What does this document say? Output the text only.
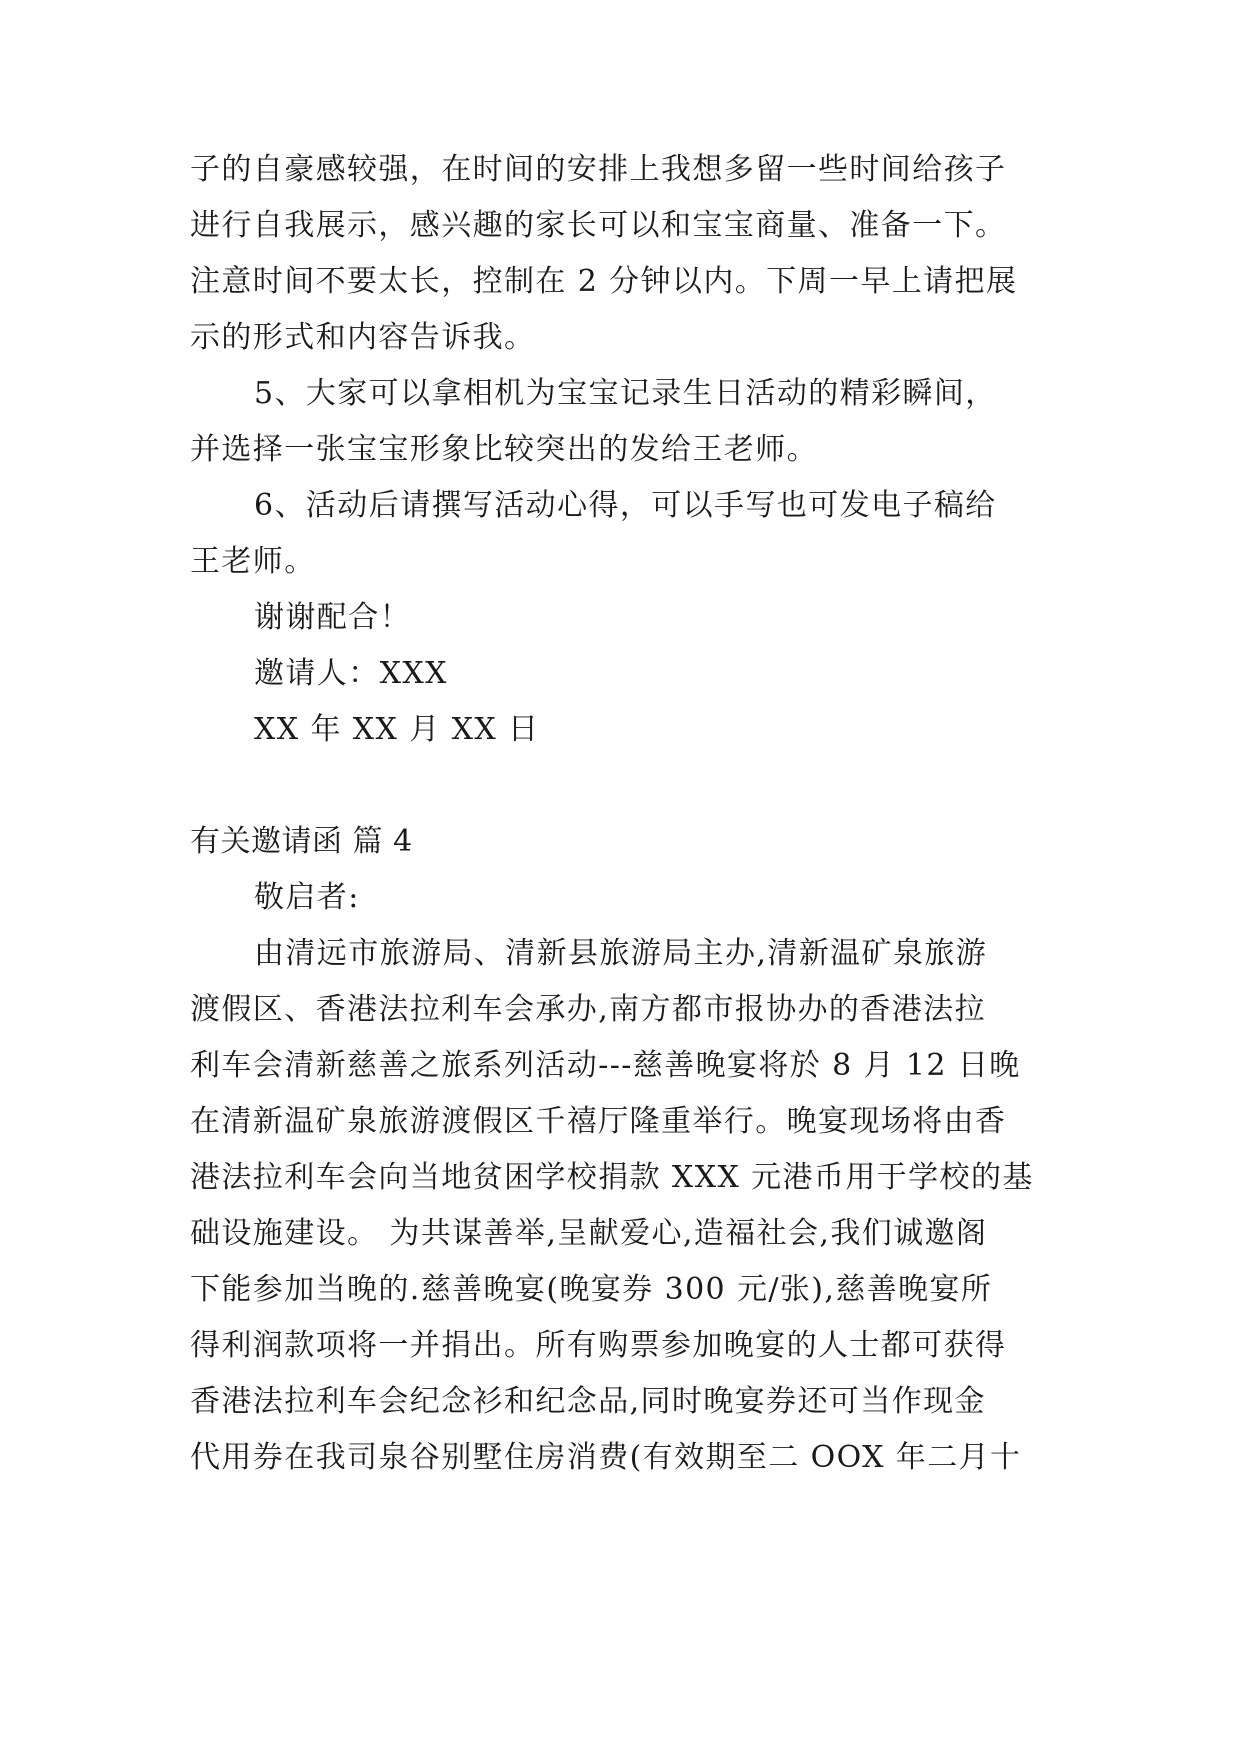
子的自豪感较强，在时间的安排上我想多留一些时间给孩子
进行自我展示，感兴趣的家长可以和宝宝商量、准备一下。
注意时间不要太长，控制在 2 分钟以内。下周一早上请把展
示的形式和内容告诉我。
5、大家可以拿相机为宝宝记录生日活动的精彩瞬间，
并选择一张宝宝形象比较突出的发给王老师。
6、活动后请撰写活动心得，可以手写也可发电子稿给
王老师。
谢谢配合！
邀请人：XXX
XX 年 XX 月 XX 日
有关邀请函 篇 4
敬启者:
由清远市旅游局、清新县旅游局主办,清新温矿泉旅游
渡假区、香港法拉利车会承办,南方都市报协办的香港法拉
利车会清新慈善之旅系列活动---慈善晚宴将於 8 月 12 日晚
在清新温矿泉旅游渡假区千禧厅隆重举行。晚宴现场将由香
港法拉利车会向当地贫困学校捐款 XXX 元港币用于学校的基
础设施建设。 为共谋善举,呈献爱心,造福社会,我们诚邀阁
下能参加当晚的.慈善晚宴(晚宴券 300 元/张),慈善晚宴所
得利润款项将一并捐出。所有购票参加晚宴的人士都可获得
香港法拉利车会纪念衫和纪念品,同时晚宴券还可当作现金
代用券在我司泉谷别墅住房消费(有效期至二 OOX 年二月十
